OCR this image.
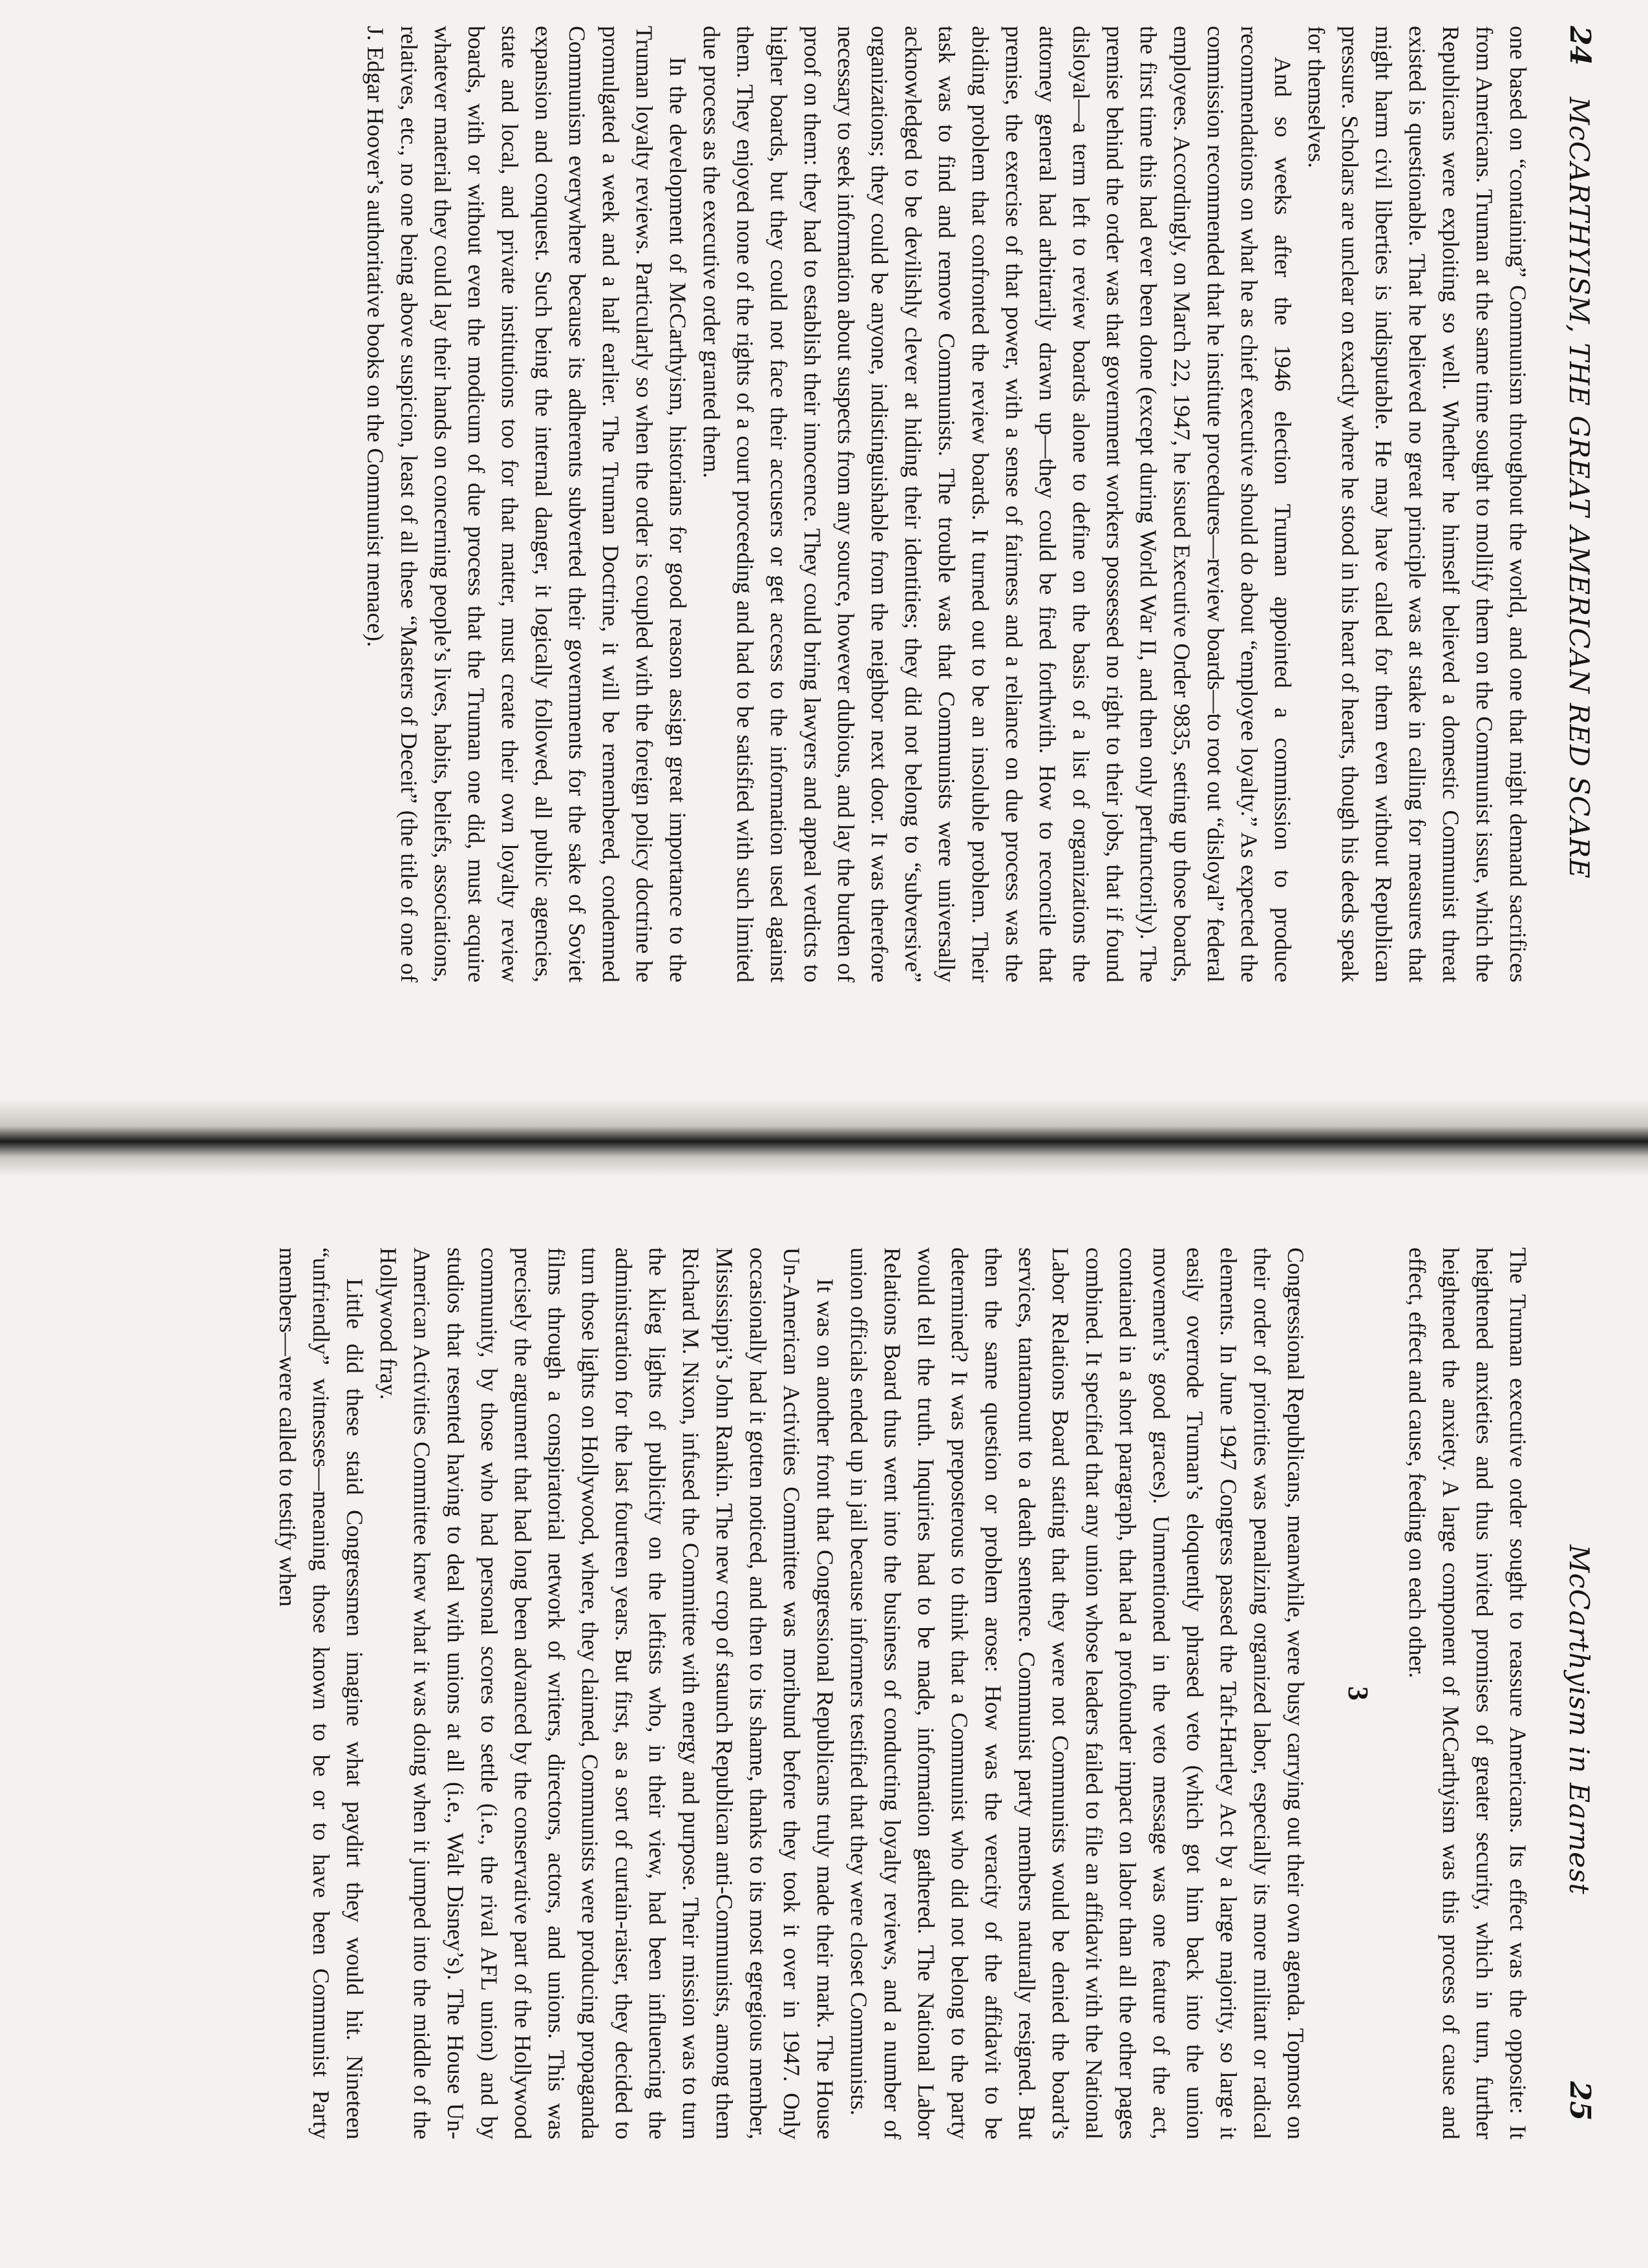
24
McCARTHYISM, THE GREAT AMERICAN RED SCARE

one based on “containing” Communism throughout the world, and one that might demand sacrifices from Americans. Truman at the same time sought to mollify them on the Communist issue, which the Republicans were exploiting so well. Whether he himself believed a domestic Communist threat existed is questionable. That he believed no great principle was at stake in calling for measures that might harm civil liberties is indisputable. He may have called for them even without Republican pressure. Scholars are unclear on exactly where he stood in his heart of hearts, though his deeds speak for themselves.

And so weeks after the 1946 election Truman appointed a commission to produce recommendations on what he as chief executive should do about “employee loyalty.” As expected the commission recommended that he institute procedures—review boards—to root out “disloyal” federal employees. Accordingly, on March 22, 1947, he issued Executive Order 9835, setting up those boards, the first time this had ever been done (except during World War II, and then only perfunctorily). The premise behind the order was that government workers possessed no right to their jobs, that if found disloyal—a term left to review boards alone to define on the basis of a list of organizations the attorney general had arbitrarily drawn up—they could be fired forthwith. How to reconcile that premise, the exercise of that power, with a sense of fairness and a reliance on due process was the abiding problem that confronted the review boards. It turned out to be an insoluble problem. Their task was to find and remove Communists. The trouble was that Communists were universally acknowledged to be devilishly clever at hiding their identities; they did not belong to “subversive” organizations; they could be anyone, indistinguishable from the neighbor next door. It was therefore necessary to seek information about suspects from any source, however dubious, and lay the burden of proof on them: they had to establish their innocence. They could bring lawyers and appeal verdicts to higher boards, but they could not face their accusers or get access to the information used against them. They enjoyed none of the rights of a court proceeding and had to be satisfied with such limited due process as the executive order granted them.

In the development of McCarthyism, historians for good reason assign great importance to the Truman loyalty reviews. Particularly so when the order is coupled with the foreign policy doctrine he promulgated a week and a half earlier. The Truman Doctrine, it will be remembered, condemned Communism everywhere because its adherents subverted their governments for the sake of Soviet expansion and conquest. Such being the internal danger, it logically followed, all public agencies, state and local, and private institutions too for that matter, must create their own loyalty review boards, with or without even the modicum of due process that the Truman one did, must acquire whatever material they could lay their hands on concerning people’s lives, habits, beliefs, associations, relatives, etc., no one being above suspicion, least of all these “Masters of Deceit” (the title of one of J. Edgar Hoover’s authoritative books on the Communist menace).

McCarthyism in Earnest
25

The Truman executive order sought to reassure Americans. Its effect was the opposite: It heightened anxieties and thus invited promises of greater security, which in turn, further heightened the anxiety. A large component of McCarthyism was this process of cause and effect, effect and cause, feeding on each other.

3

Congressional Republicans, meanwhile, were busy carrying out their own agenda. Topmost on their order of priorities was penalizing organized labor, especially its more militant or radical elements. In June 1947 Congress passed the Taft-Hartley Act by a large majority, so large it easily overrode Truman’s eloquently phrased veto (which got him back into the union movement’s good graces). Unmentioned in the veto message was one feature of the act, contained in a short paragraph, that had a profounder impact on labor than all the other pages combined. It specified that any union whose leaders failed to file an affidavit with the National Labor Relations Board stating that they were not Communists would be denied the board’s services, tantamount to a death sentence. Communist party members naturally resigned. But then the same question or problem arose: How was the veracity of the affidavit to be determined? It was preposterous to think that a Communist who did not belong to the party would tell the truth. Inquiries had to be made, information gathered. The National Labor Relations Board thus went into the business of conducting loyalty reviews, and a number of union officials ended up in jail because informers testified that they were closet Communists.

It was on another front that Congressional Republicans truly made their mark. The House Un-American Activities Committee was moribund before they took it over in 1947. Only occasionally had it gotten noticed, and then to its shame, thanks to its most egregious member, Mississippi’s John Rankin. The new crop of staunch Republican anti-Communists, among them Richard M. Nixon, infused the Committee with energy and purpose. Their mission was to turn the klieg lights of publicity on the leftists who, in their view, had been influencing the administration for the last fourteen years. But first, as a sort of curtain-raiser, they decided to turn those lights on Hollywood, where, they claimed, Communists were producing propaganda films through a conspiratorial network of writers, directors, actors, and unions. This was precisely the argument that had long been advanced by the conservative part of the Hollywood community, by those who had personal scores to settle (i.e., the rival AFL union) and by studios that resented having to deal with unions at all (i.e., Walt Disney’s). The House Un-American Activities Committee knew what it was doing when it jumped into the middle of the Hollywood fray.

Little did these staid Congressmen imagine what paydirt they would hit. Nineteen “unfriendly” witnesses—meaning those known to be or to have been Communist Party members—were called to testify when
